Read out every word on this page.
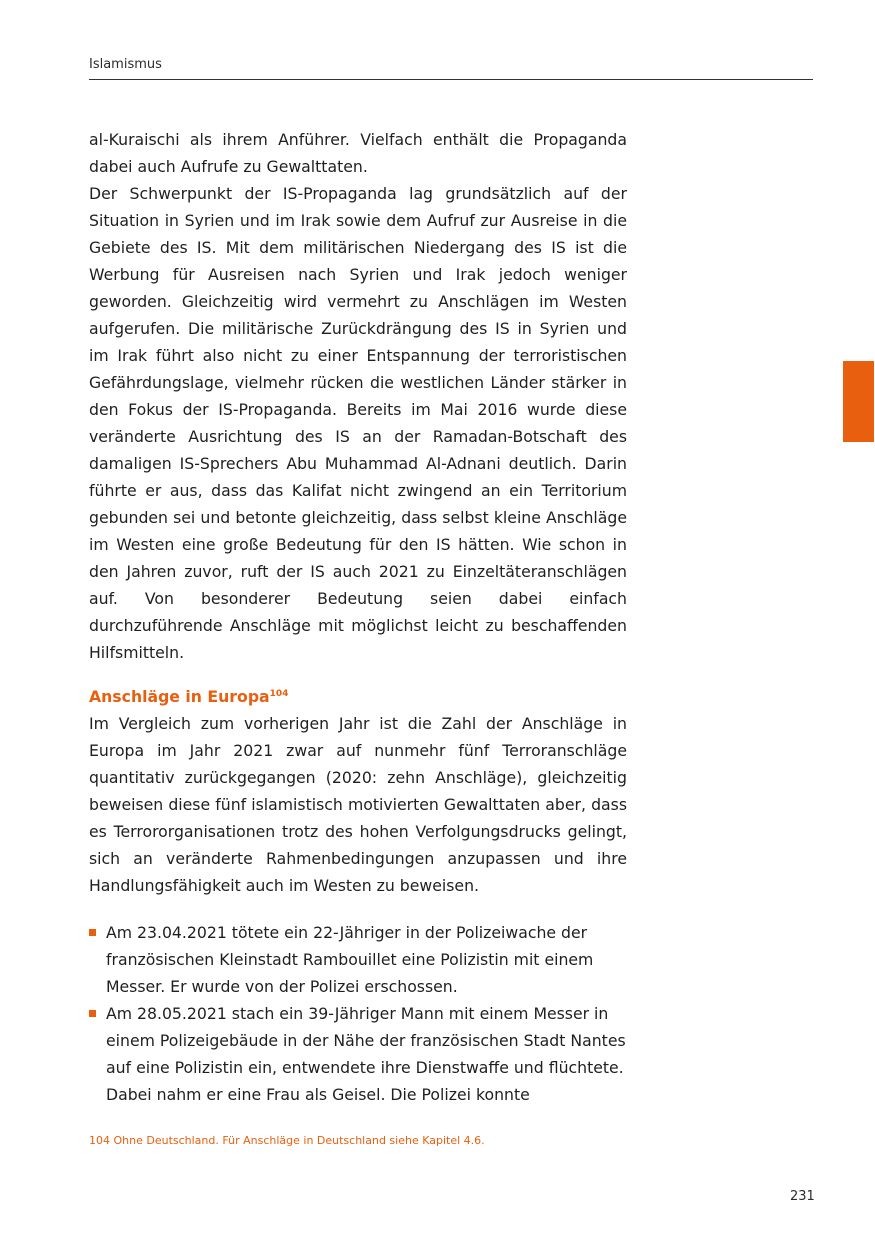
Islamismus

al-Kuraischi als ihrem Anführer. Vielfach enthält die Propaganda dabei auch Aufrufe zu Gewalttaten.

Der Schwerpunkt der IS-Propaganda lag grundsätzlich auf der Situation in Syrien und im Irak sowie dem Aufruf zur Ausreise in die Gebiete des IS. Mit dem militärischen Niedergang des IS ist die Werbung für Ausreisen nach Syrien und Irak jedoch weniger geworden. Gleichzeitig wird vermehrt zu Anschlägen im Westen aufgerufen. Die militärische Zurückdrängung des IS in Syrien und im Irak führt also nicht zu einer Entspannung der terroristischen Gefährdungslage, vielmehr rücken die westlichen Länder stärker in den Fokus der IS-Propaganda. Bereits im Mai 2016 wurde diese veränderte Ausrichtung des IS an der Ramadan-Botschaft des damaligen IS-Sprechers Abu Muhammad Al-Adnani deutlich. Darin führte er aus, dass das Kalifat nicht zwingend an ein Territorium gebunden sei und betonte gleichzeitig, dass selbst kleine Anschläge im Westen eine große Bedeutung für den IS hätten. Wie schon in den Jahren zuvor, ruft der IS auch 2021 zu Einzeltäteranschlägen auf. Von besonderer Bedeutung seien dabei einfach durchzuführende Anschläge mit möglichst leicht zu beschaffenden Hilfsmitteln.

Anschläge in Europa$^{104}$

Im Vergleich zum vorherigen Jahr ist die Zahl der Anschläge in Europa im Jahr 2021 zwar auf nunmehr fünf Terroranschläge quantitativ zurückgegangen (2020: zehn Anschläge), gleichzeitig beweisen diese fünf islamistisch motivierten Gewalttaten aber, dass es Terrororganisationen trotz des hohen Verfolgungsdrucks gelingt, sich an veränderte Rahmenbedingungen anzupassen und ihre Handlungsfähigkeit auch im Westen zu beweisen.

Am 23.04.2021 tötete ein 22-Jähriger in der Polizeiwache der französischen Kleinstadt Rambouillet eine Polizistin mit einem Messer. Er wurde von der Polizei erschossen.
Am 28.05.2021 stach ein 39-Jähriger Mann mit einem Messer in einem Polizeigebäude in der Nähe der französischen Stadt Nantes auf eine Polizistin ein, entwendete ihre Dienstwaffe und flüchtete. Dabei nahm er eine Frau als Geisel. Die Polizei konnte
104 Ohne Deutschland. Für Anschläge in Deutschland siehe Kapitel 4.6.
231
